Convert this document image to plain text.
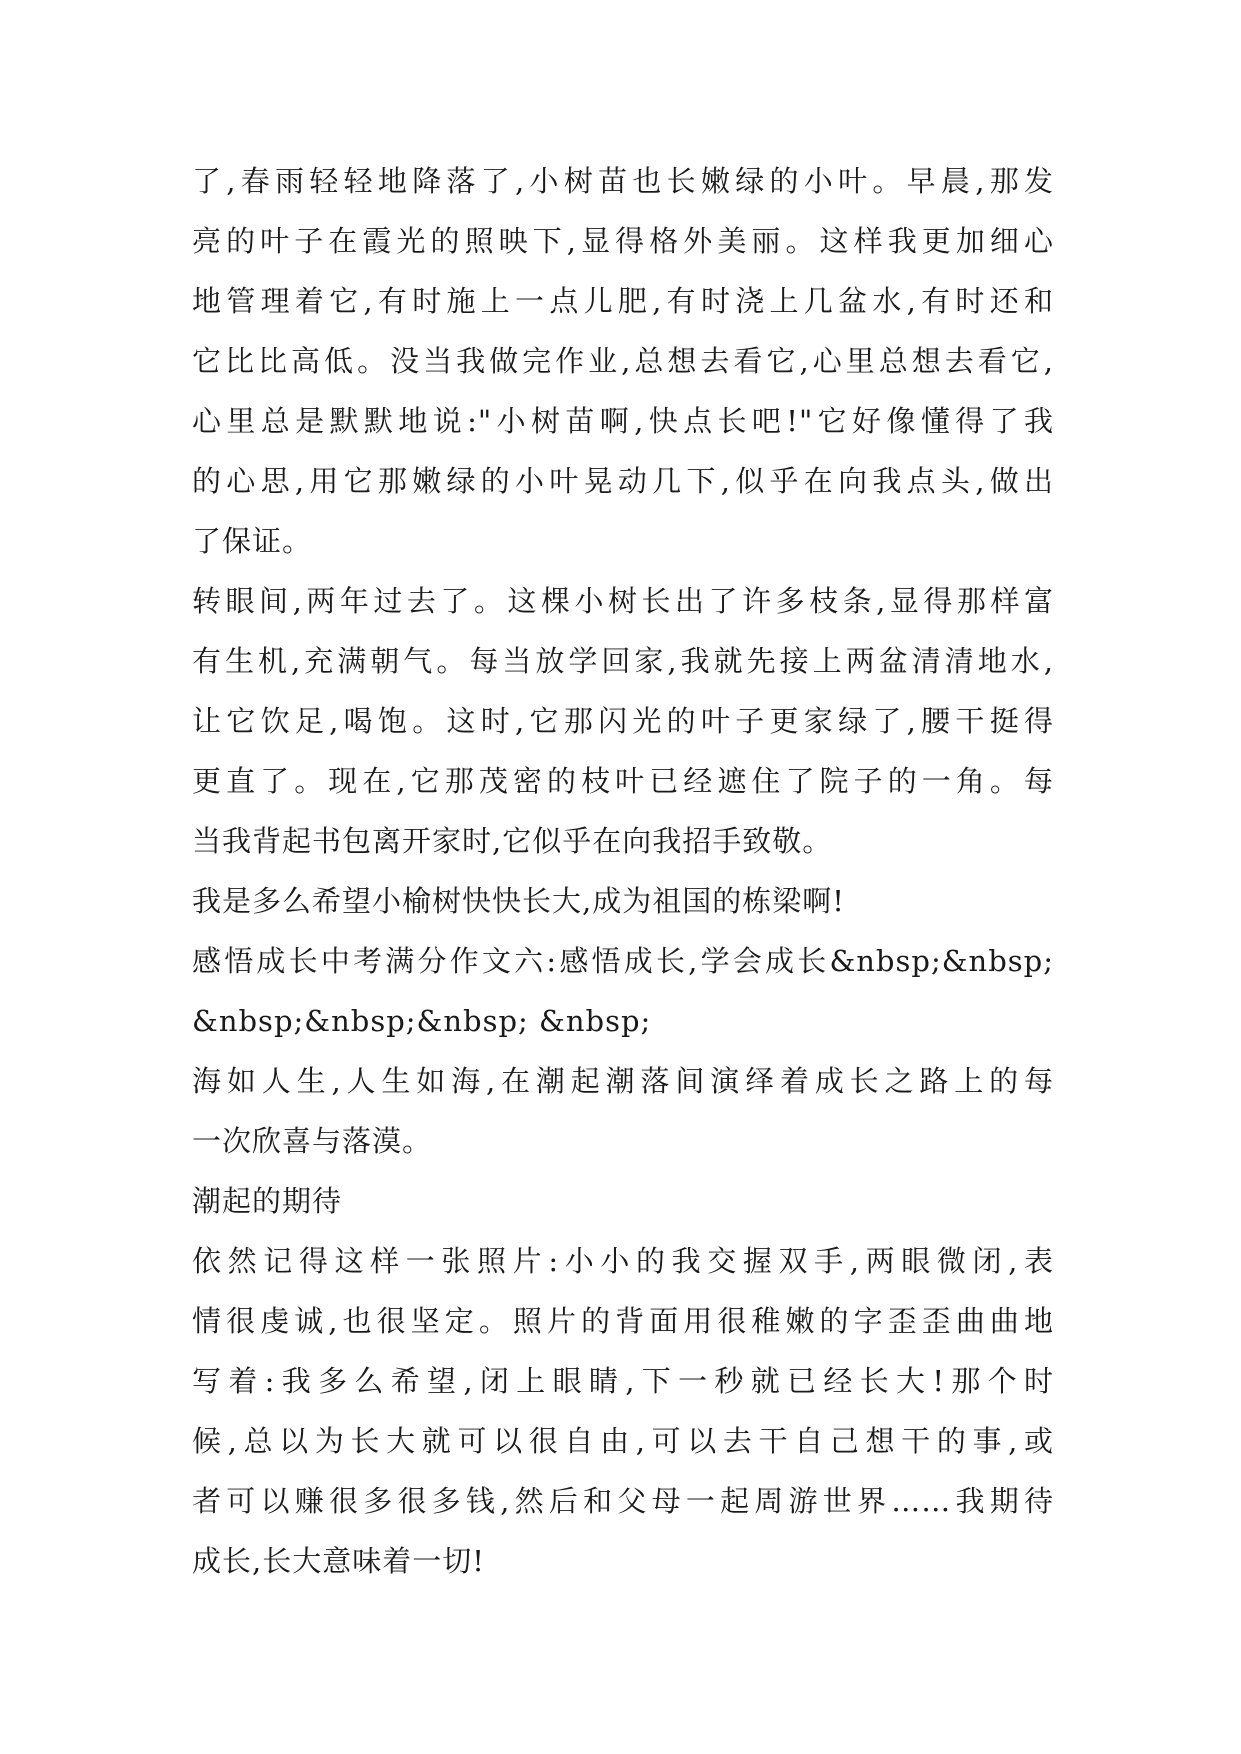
了,春雨轻轻地降落了,小树苗也长嫩绿的小叶。早晨,那发
亮的叶子在霞光的照映下,显得格外美丽。这样我更加细心
地管理着它,有时施上一点儿肥,有时浇上几盆水,有时还和
它比比高低。没当我做完作业,总想去看它,心里总想去看它,
心里总是默默地说:"小树苗啊,快点长吧!"它好像懂得了我
的心思,用它那嫩绿的小叶晃动几下,似乎在向我点头,做出
了保证。

转眼间,两年过去了。这棵小树长出了许多枝条,显得那样富
有生机,充满朝气。每当放学回家,我就先接上两盆清清地水,
让它饮足,喝饱。这时,它那闪光的叶子更家绿了,腰干挺得
更直了。现在,它那茂密的枝叶已经遮住了院子的一角。每
当我背起书包离开家时,它似乎在向我招手致敬。

我是多么希望小榆树快快长大,成为祖国的栋梁啊!

感悟成长中考满分作文六:感悟成长,学会成长&nbsp;&nbsp;
&nbsp;&nbsp;&nbsp; &nbsp;

海如人生,人生如海,在潮起潮落间演绎着成长之路上的每
一次欣喜与落漠。

潮起的期待

依然记得这样一张照片:小小的我交握双手,两眼微闭,表
情很虔诚,也很坚定。照片的背面用很稚嫩的字歪歪曲曲地
写着:我多么希望,闭上眼睛,下一秒就已经长大!那个时
候,总以为长大就可以很自由,可以去干自己想干的事,或
者可以赚很多很多钱,然后和父母一起周游世界……我期待
成长,长大意味着一切!
